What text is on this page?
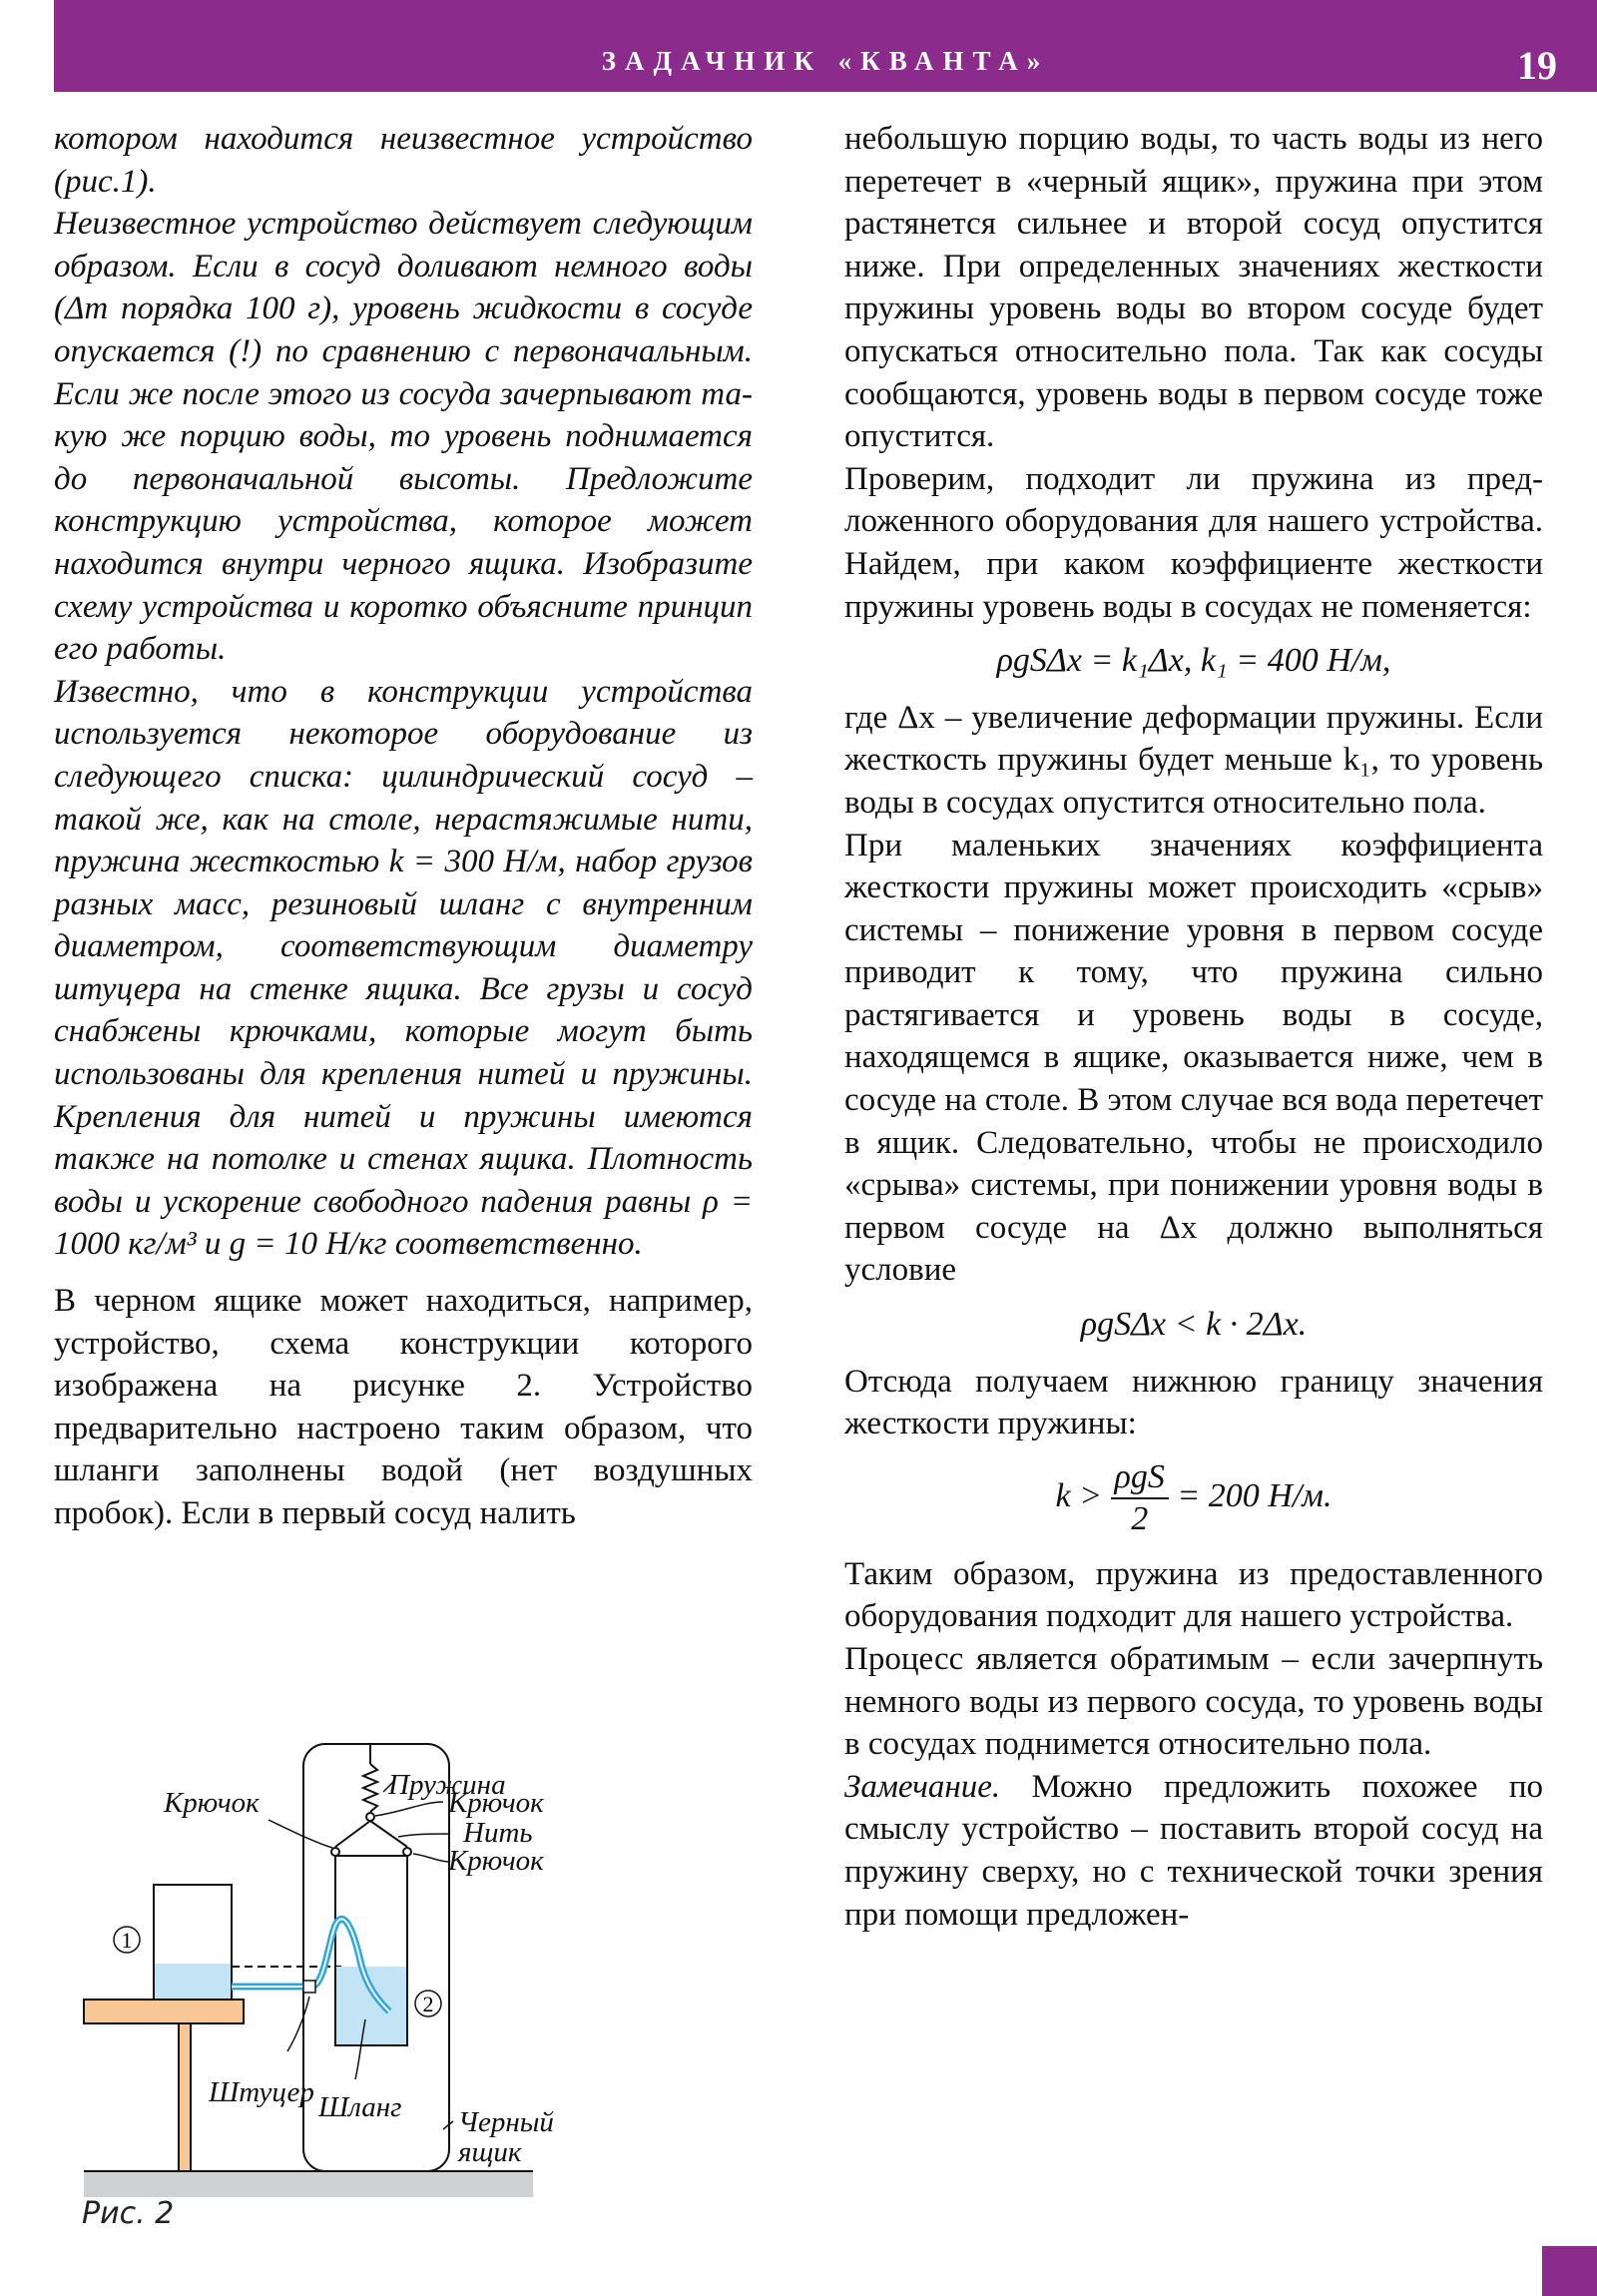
ЗАДАЧНИК «КВАНТА»	19

котором находится неизвестное устройство (рис.1).

Неизвестное устройство действует следующим образом. Если в сосуд доливают немного воды (Δm порядка 100 г), уровень жидкости в сосуде опускается (!) по сравнению с первоначальным. Если же после этого из сосуда зачерпывают такую же порцию воды, то уровень поднимается до первоначальной высоты. Предложите конструкцию устройства, которое может находится внутри черного ящика. Изобразите схему устройства и коротко объясните принцип его работы.

Известно, что в конструкции устройства используется некоторое оборудование из следующего списка: цилиндрический сосуд – такой же, как на столе, нерастяжимые нити, пружина жесткостью k = 300 Н/м, набор грузов разных масс, резиновый шланг с внутренним диаметром, соответствующим диаметру штуцера на стенке ящика. Все грузы и сосуд снабжены крючками, которые могут быть использованы для крепления нитей и пружины. Крепления для нитей и пружины имеются также на потолке и стенах ящика. Плотность воды и ускорение свободного падения равны ρ = 1000 кг/м³ и g = 10 Н/кг соответственно.

В черном ящике может находиться, например, устройство, схема конструкции которого изображена на рисунке 2. Устройство предварительно настроено таким образом, что шланги заполнены водой (нет воздушных пробок). Если в первый сосуд налить

1
2
Крючок
Пружина
Крючок
Нить
Крючок
Штуцер Шланг Черный
ящик
Рис. 2

небольшую порцию воды, то часть воды из него перетечет в «черный ящик», пружина при этом растянется сильнее и второй сосуд опустится ниже. При определенных значениях жесткости пружины уровень воды во втором сосуде будет опускаться относительно пола. Так как сосуды сообщаются, уровень воды в первом сосуде тоже опустится.

Проверим, подходит ли пружина из предложенного оборудования для нашего устройства. Найдем, при каком коэффициенте жесткости пружины уровень воды в сосудах не поменяется:

ρgSΔx = k₁Δx, k₁ = 400 Н/м,

где Δx – увеличение деформации пружины. Если жесткость пружины будет меньше k₁, то уровень воды в сосудах опустится относительно пола.

При маленьких значениях коэффициента жесткости пружины может происходить «срыв» системы – понижение уровня в первом сосуде приводит к тому, что пружина сильно растягивается и уровень воды в сосуде, находящемся в ящике, оказывается ниже, чем в сосуде на столе. В этом случае вся вода перетечет в ящик. Следовательно, чтобы не происходило «срыва» системы, при понижении уровня воды в первом сосуде на Δx должно выполняться условие

ρgSΔx < k · 2Δx.

Отсюда получаем нижнюю границу значения жесткости пружины:

$k > \frac{\text{ρgS}}{2} = 200$ Н/м.

Таким образом, пружина из предоставленного оборудования подходит для нашего устройства.

Процесс является обратимым – если зачерпнуть немного воды из первого сосуда, то уровень воды в сосудах поднимется относительно пола.

Замечание. Можно предложить похожее по смыслу устройство – поставить второй сосуд на пружину сверху, но с технической точки зрения при помощи предложен-
